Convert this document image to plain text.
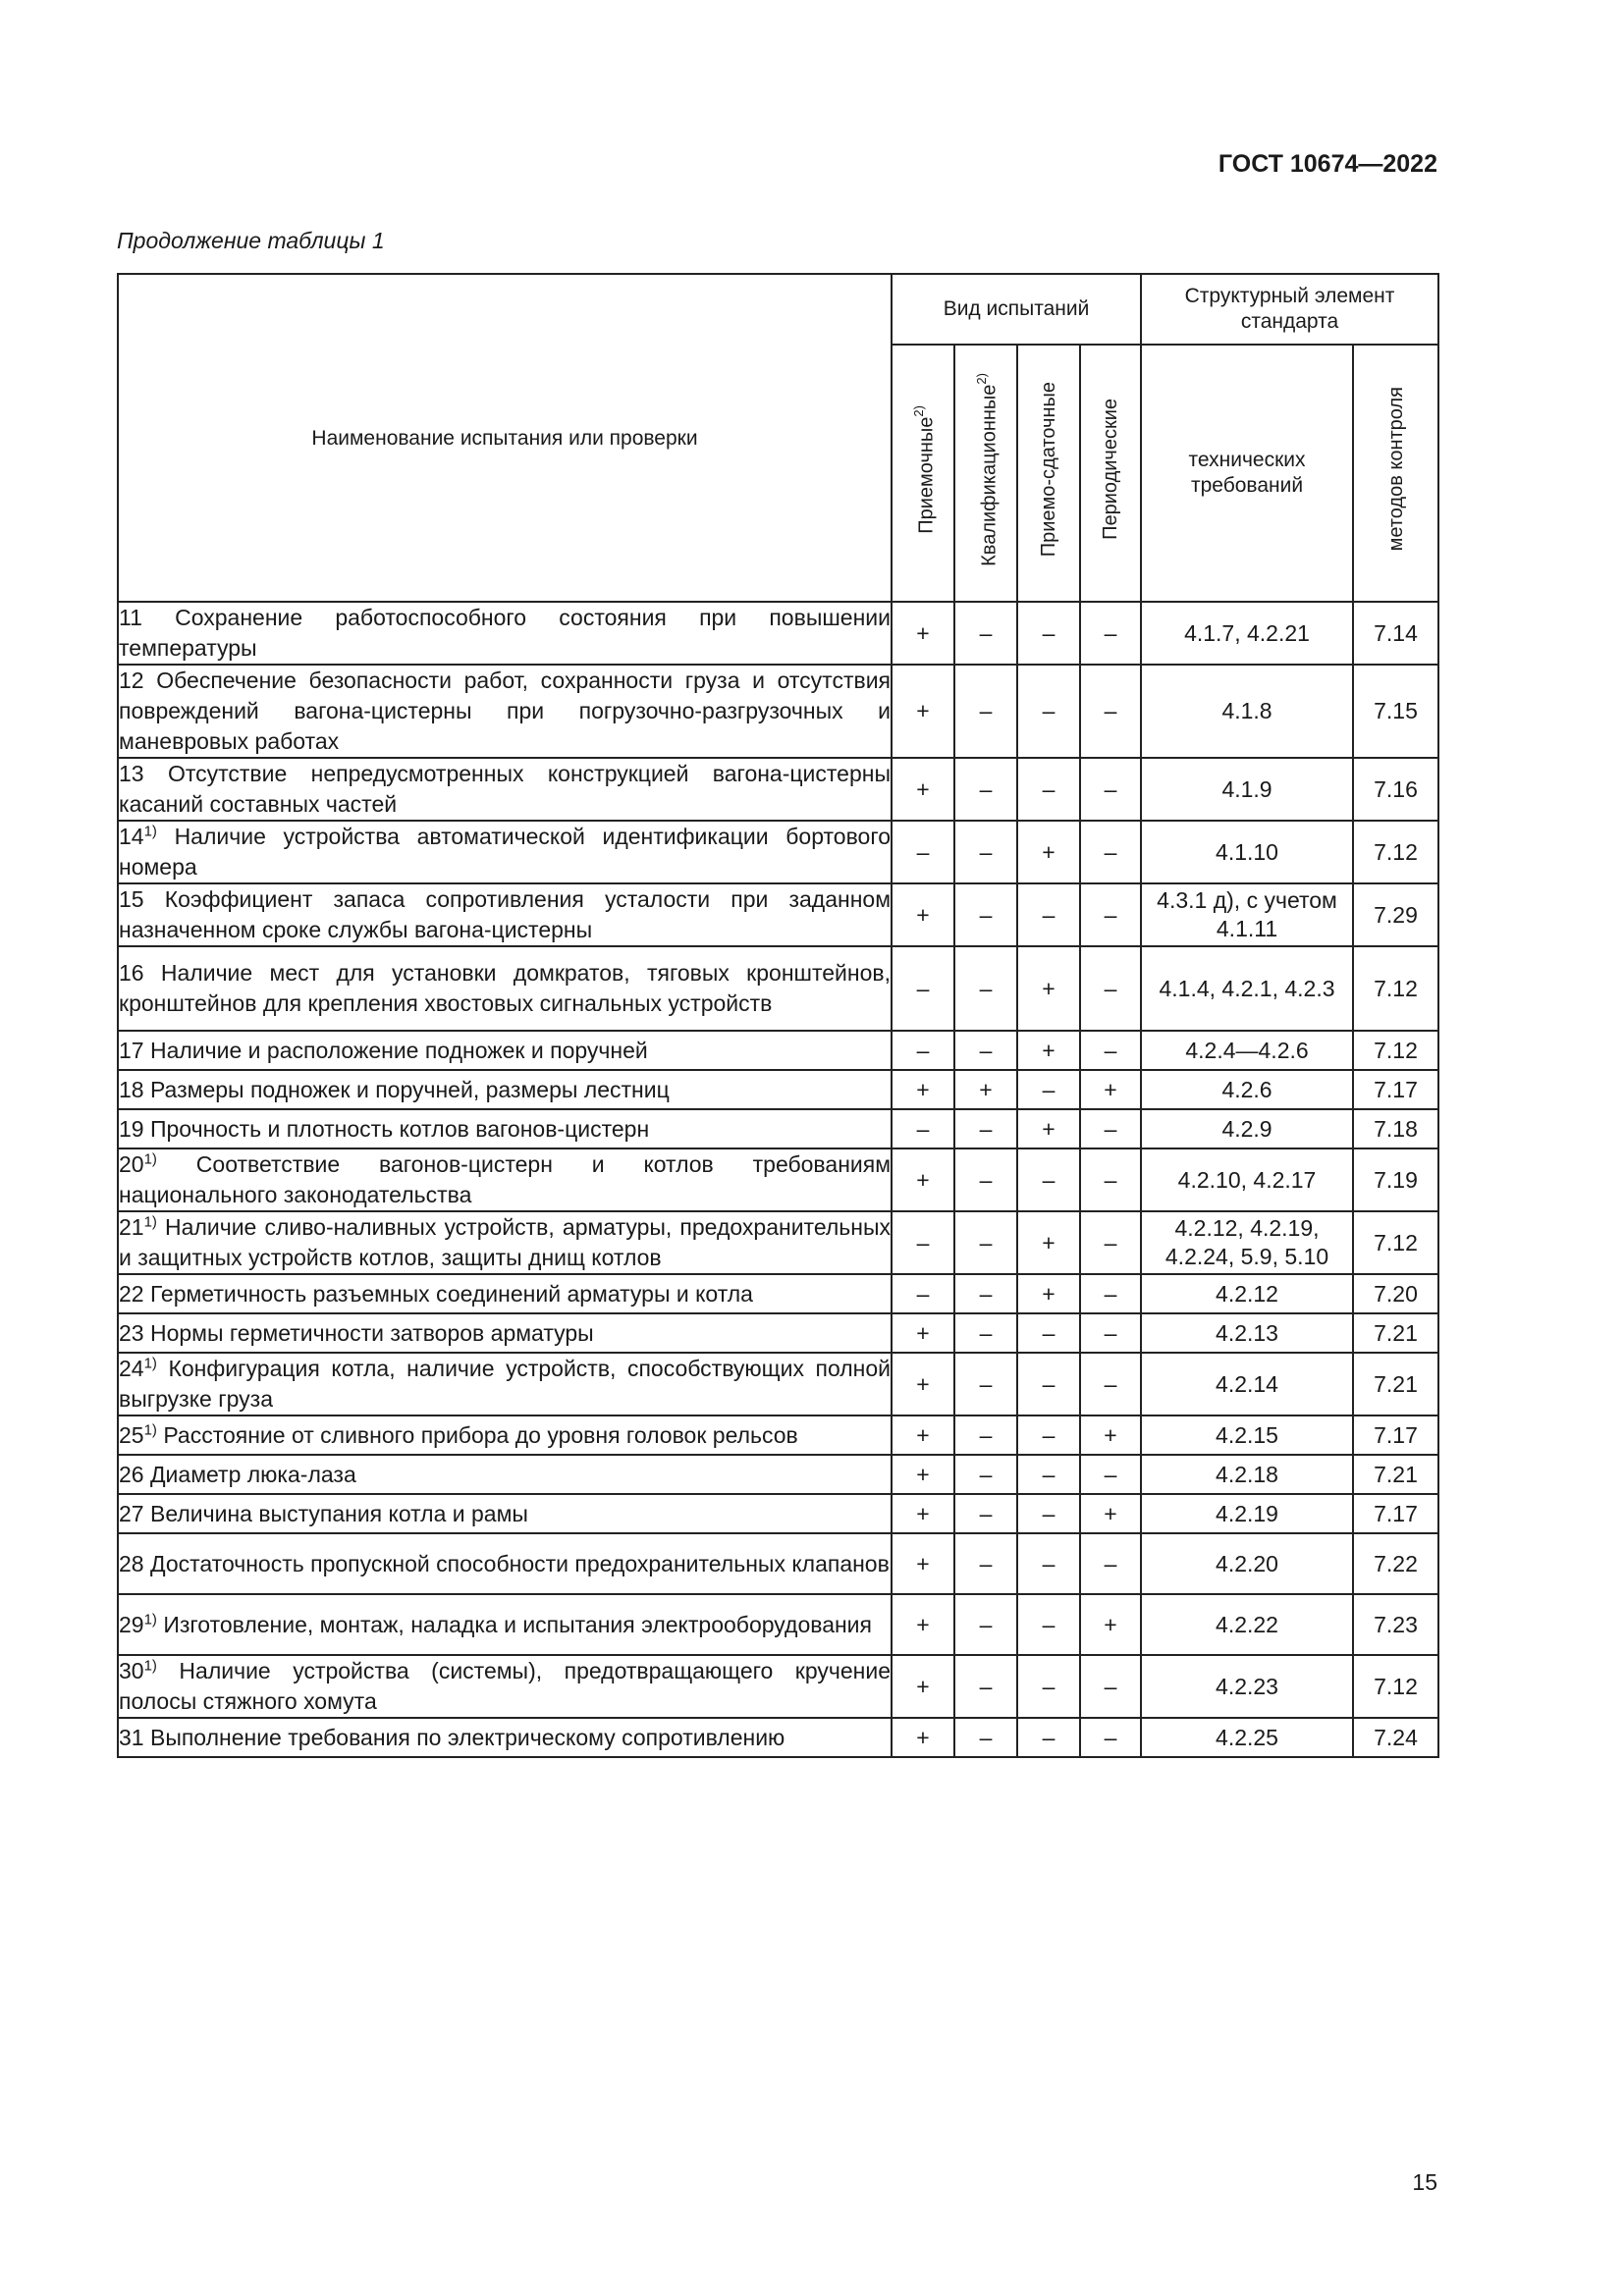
ГОСТ 10674—2022
Продолжение таблицы 1
Наименование испытания или проверки	Вид испытаний				Структурный элемент стандарта	
	Приемочные$^{2)}$	Квалификационные$^{2)}$	Приемо-сдаточные	Периодические	технических требований	методов контроля
11 Сохранение работоспособного состояния при повышении температуры	+	–	–	–	4.1.7, 4.2.21	7.14
12 Обеспечение безопасности работ, сохранности груза и отсутствия повреждений вагона-цистерны при погрузочно-разгрузочных и маневровых работах	+	–	–	–	4.1.8	7.15
13 Отсутствие непредусмотренных конструкцией вагона-цистерны касаний составных частей	+	–	–	–	4.1.9	7.16
14$^{1)}$ Наличие устройства автоматической идентификации бортового номера	–	–	+	–	4.1.10	7.12
15 Коэффициент запаса сопротивления усталости при заданном назначенном сроке службы вагона-цистерны	+	–	–	–	4.3.1 д), с учетом 4.1.11	7.29
16 Наличие мест для установки домкратов, тяговых кронштейнов, кронштейнов для крепления хвостовых сигнальных устройств	–	–	+	–	4.1.4, 4.2.1, 4.2.3	7.12
17 Наличие и расположение подножек и поручней	–	–	+	–	4.2.4—4.2.6	7.12
18 Размеры подножек и поручней, размеры лестниц	+	+	–	+	4.2.6	7.17
19 Прочность и плотность котлов вагонов-цистерн	–	–	+	–	4.2.9	7.18
20$^{1)}$ Соответствие вагонов-цистерн и котлов требованиям национального законодательства	+	–	–	–	4.2.10, 4.2.17	7.19
21$^{1)}$ Наличие сливо-наливных устройств, арматуры, предохранительных и защитных устройств котлов, защиты днищ котлов	–	–	+	–	4.2.12, 4.2.19, 4.2.24, 5.9, 5.10	7.12
22 Герметичность разъемных соединений арматуры и котла	–	–	+	–	4.2.12	7.20
23 Нормы герметичности затворов арматуры	+	–	–	–	4.2.13	7.21
24$^{1)}$ Конфигурация котла, наличие устройств, способствующих полной выгрузке груза	+	–	–	–	4.2.14	7.21
25$^{1)}$ Расстояние от сливного прибора до уровня головок рельсов	+	–	–	+	4.2.15	7.17
26 Диаметр люка-лаза	+	–	–	–	4.2.18	7.21
27 Величина выступания котла и рамы	+	–	–	+	4.2.19	7.17
28 Достаточность пропускной способности предохранительных клапанов	+	–	–	–	4.2.20	7.22
29$^{1)}$ Изготовление, монтаж, наладка и испытания электрооборудования	+	–	–	+	4.2.22	7.23
30$^{1)}$ Наличие устройства (системы), предотвращающего кручение полосы стяжного хомута	+	–	–	–	4.2.23	7.12
31 Выполнение требования по электрическому сопротивлению	+	–	–	–	4.2.25	7.24
15
